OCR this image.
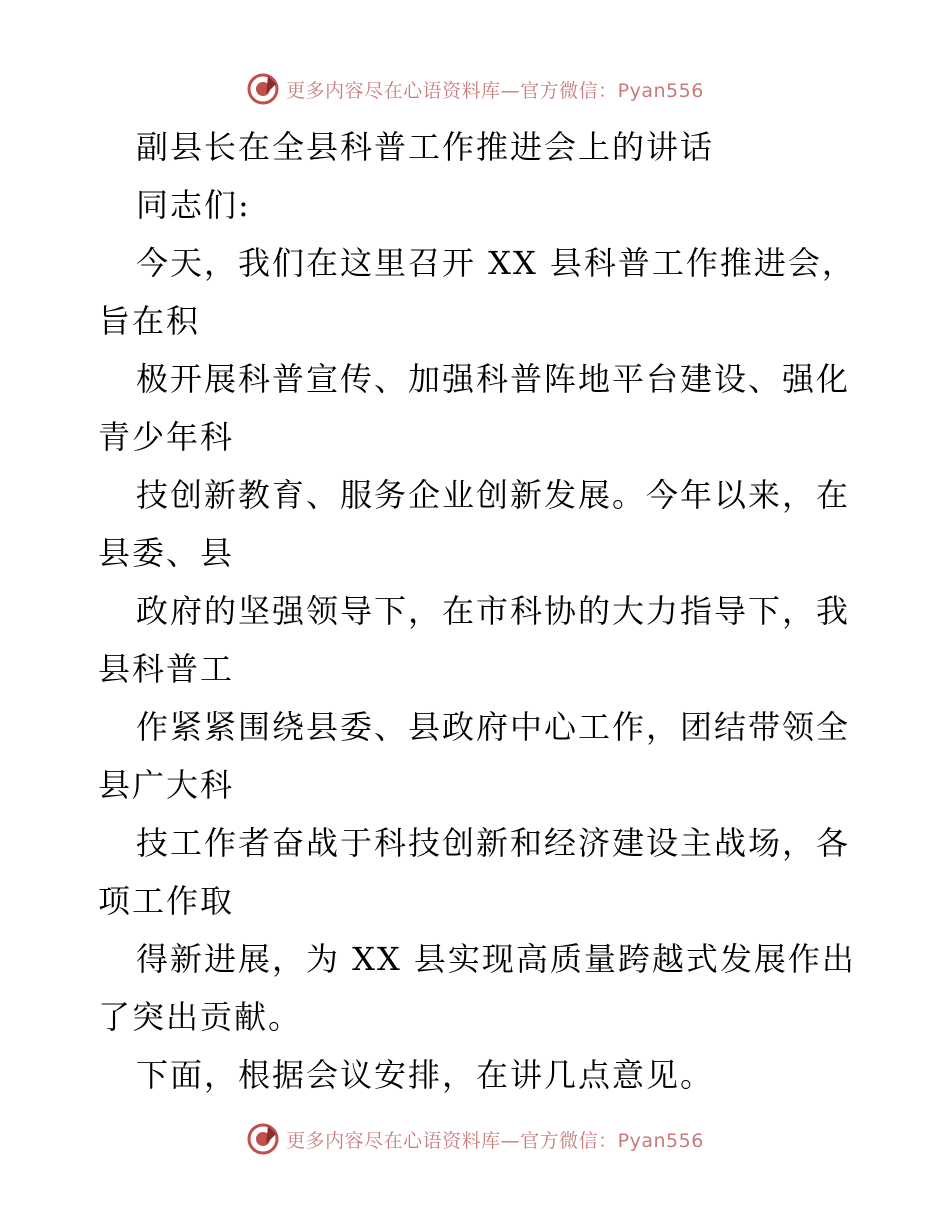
更多内容尽在心语资料库—官方微信：Pyan556
副县长在全县科普工作推进会上的讲话
同志们:
今天，我们在这里召开 XX 县科普工作推进会，
旨在积
极开展科普宣传、加强科普阵地平台建设、强化
青少年科
技创新教育、服务企业创新发展。今年以来，在
县委、县
政府的坚强领导下，在市科协的大力指导下，我
县科普工
作紧紧围绕县委、县政府中心工作，团结带领全
县广大科
技工作者奋战于科技创新和经济建设主战场，各
项工作取
得新进展，为 XX 县实现高质量跨越式发展作出
了突出贡献。
下面，根据会议安排，在讲几点意见。
更多内容尽在心语资料库—官方微信：Pyan556
